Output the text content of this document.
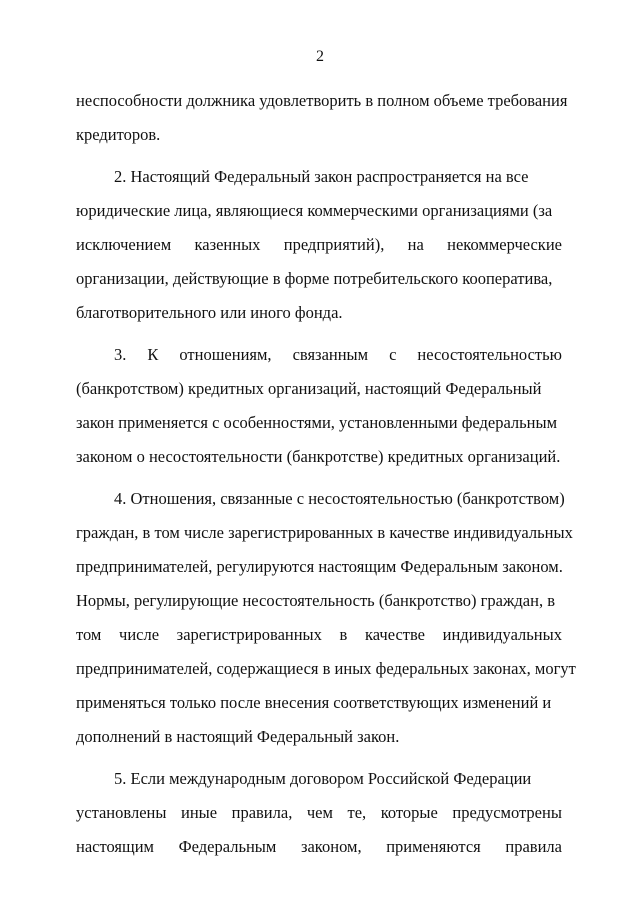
2
неспособности должника удовлетворить в полном объеме требования
кредиторов.
2. Настоящий Федеральный закон распространяется на все
юридические лица, являющиеся коммерческими организациями (за
исключением казенных предприятий), на некоммерческие
организации, действующие в форме потребительского кооператива,
благотворительного или иного фонда.
3. К отношениям, связанным с несостоятельностью
(банкротством) кредитных организаций, настоящий Федеральный
закон применяется с особенностями, установленными федеральным
законом о несостоятельности (банкротстве) кредитных организаций.
4. Отношения, связанные с несостоятельностью (банкротством)
граждан, в том числе зарегистрированных в качестве индивидуальных
предпринимателей, регулируются настоящим Федеральным законом.
Нормы, регулирующие несостоятельность (банкротство) граждан, в
том числе зарегистрированных в качестве индивидуальных
предпринимателей, содержащиеся в иных федеральных законах, могут
применяться только после внесения соответствующих изменений и
дополнений в настоящий Федеральный закон.
5. Если международным договором Российской Федерации
установлены иные правила, чем те, которые предусмотрены
настоящим Федеральным законом, применяются правила
